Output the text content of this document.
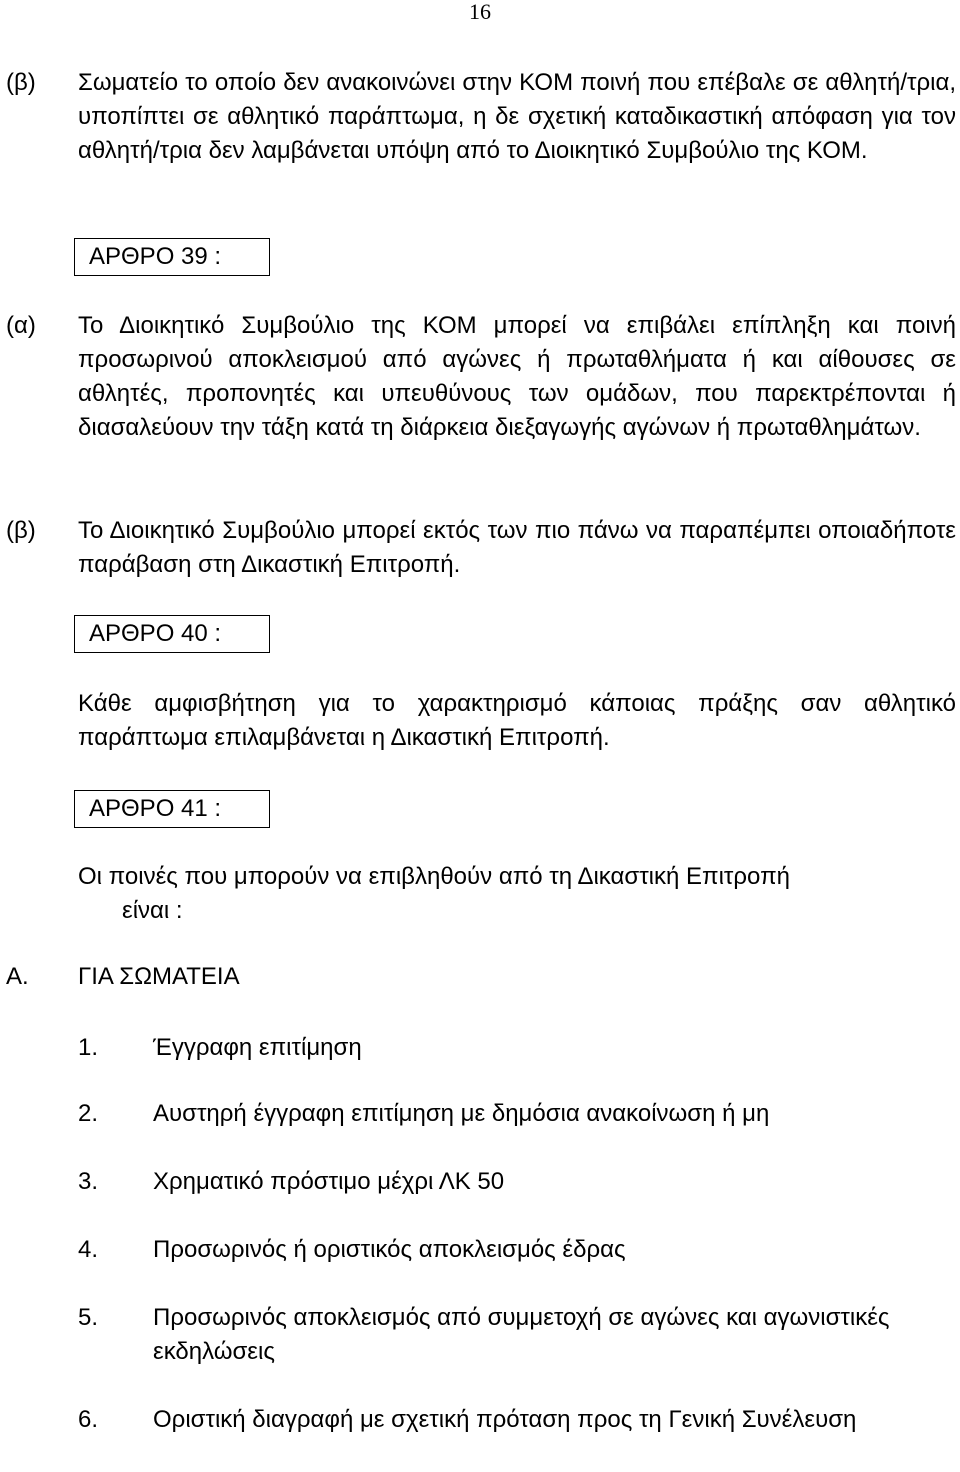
16
(β) Σωματείο το οποίο δεν ανακοινώνει στην ΚΟΜ ποινή που επέβαλε σε αθλητή/τρια, υποπίπτει σε αθλητικό παράπτωμα, η δε σχετική καταδικαστική απόφαση για τον αθλητή/τρια δεν λαμβάνεται υπόψη από το Διοικητικό Συμβούλιο της ΚΟΜ.
ΑΡΘΡΟ 39 :
(α) Το Διοικητικό Συμβούλιο της ΚΟΜ μπορεί να επιβάλει επίπληξη και ποινή προσωρινού αποκλεισμού από αγώνες ή πρωταθλήματα ή και αίθουσες σε αθλητές, προπονητές και υπευθύνους των ομάδων, που παρεκτρέπονται ή διασαλεύουν την τάξη κατά τη διάρκεια διεξαγωγής αγώνων ή πρωταθλημάτων.
(β) Το Διοικητικό Συμβούλιο μπορεί εκτός των πιο πάνω να παραπέμπει οποιαδήποτε παράβαση στη Δικαστική Επιτροπή.
ΑΡΘΡΟ 40 :
Κάθε αμφισβήτηση για το χαρακτηρισμό κάποιας πράξης σαν αθλητικό παράπτωμα επιλαμβάνεται η Δικαστική Επιτροπή.
ΑΡΘΡΟ 41 :
Οι ποινές που μπορούν να επιβληθούν από τη Δικαστική Επιτροπή
είναι :
Α. ΓΙΑ ΣΩΜΑΤΕΙΑ
1. Έγγραφη επιτίμηση
2. Αυστηρή έγγραφη επιτίμηση με δημόσια ανακοίνωση ή μη
3. Χρηματικό πρόστιμο μέχρι ΛΚ 50
4. Προσωρινός ή οριστικός αποκλεισμός έδρας
5. Προσωρινός αποκλεισμός από συμμετοχή σε αγώνες και αγωνιστικές εκδηλώσεις
6. Οριστική διαγραφή με σχετική πρόταση προς τη Γενική Συνέλευση
